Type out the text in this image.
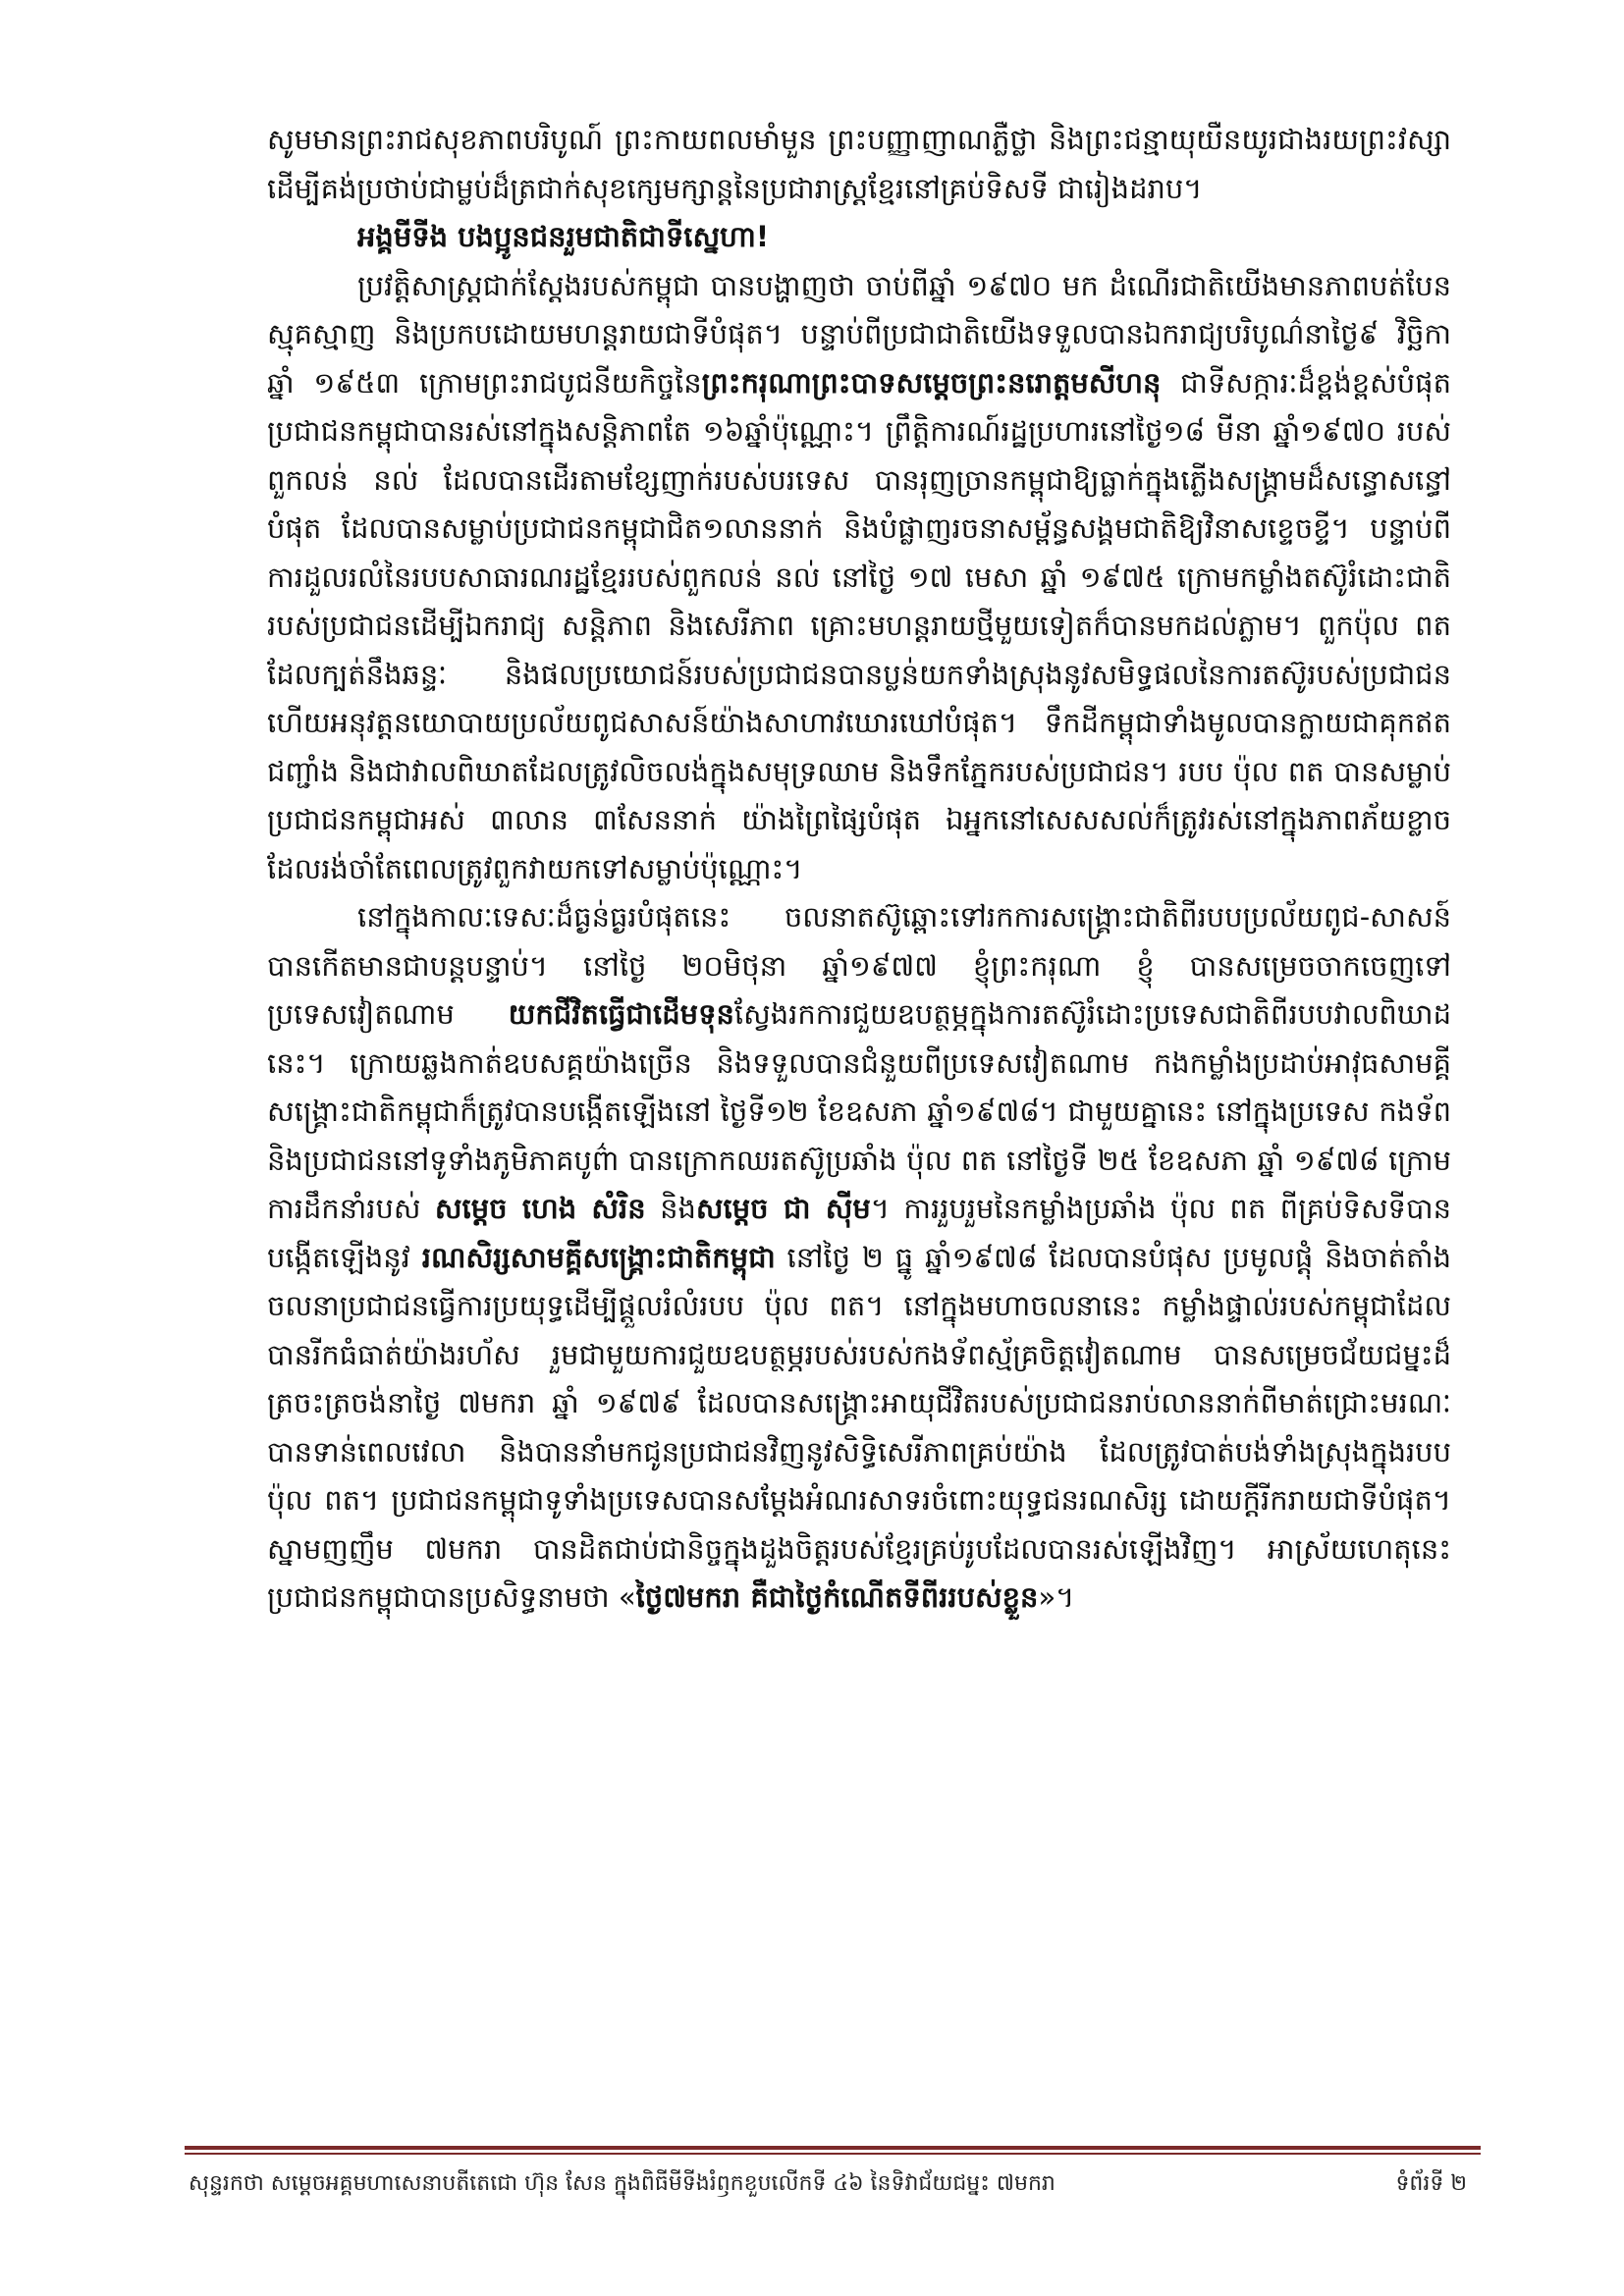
សូមមានព្រះរាជសុខភាពបរិបូណ៍ ព្រះកាយពលមាំមួន ព្រះបញ្ញាញាណភ្លឺថ្លា និងព្រះជន្មាយុយឺនយូរជាងរយព្រះវស្សា ដើម្បីគង់ប្រថាប់ជាម្លប់ដ៏ត្រជាក់សុខក្សេមក្សាន្តនៃប្រជារាស្ត្រខ្មែរនៅគ្រប់ទិសទី ជារៀងដរាប។

អង្គមីទីង បងប្អូនជនរួមជាតិជាទីស្នេហា!

ប្រវត្តិសាស្ត្រជាក់ស្តែងរបស់កម្ពុជា បានបង្ហាញថា ចាប់ពីឆ្នាំ ១៩៧០ មក ដំណើរជាតិយើងមានភាពបត់បែន ស្មុគស្មាញ និងប្រកបដោយមហន្តរាយជាទីបំផុត។ បន្ទាប់ពីប្រជាជាតិយើងទទួលបានឯករាជ្យបរិបូណ៌នាថ្ងៃ៩ វិច្ឆិកា ឆ្នាំ ១៩៥៣ ក្រោមព្រះរាជបូជនីយកិច្ចនៃព្រះករុណាព្រះបាទសម្តេចព្រះនរោត្តមសីហនុ ជាទីសក្ការៈដ៏ខ្ពង់ខ្ពស់បំផុត ប្រជាជនកម្ពុជាបានរស់នៅក្នុងសន្តិភាពតែ ១៦ឆ្នាំប៉ុណ្ណោះ។ ព្រឹត្តិការណ៍រដ្ឋប្រហារនៅថ្ងៃ១៨ មីនា ឆ្នាំ១៩៧០ របស់ពួកលន់ នល់ ដែលបានដើរតាមខ្សែញាក់របស់បរទេស បានរុញច្រានកម្ពុជាឱ្យធ្លាក់ក្នុងភ្លើងសង្គ្រាមដ៏សន្ធោសន្ធៅបំផុត ដែលបានសម្លាប់ប្រជាជនកម្ពុជាជិត១លាននាក់ និងបំផ្លាញរចនាសម្ព័ន្ធសង្គមជាតិឱ្យវិនាសខ្ទេចខ្ទី។ បន្ទាប់ពីការដួលរលំនៃរបបសាធារណរដ្ឋខ្មែររបស់ពួកលន់ នល់ នៅថ្ងៃ ១៧ មេសា ឆ្នាំ ១៩៧៥ ក្រោមកម្លាំងតស៊ូរំដោះជាតិរបស់ប្រជាជនដើម្បីឯករាជ្យ សន្តិភាព និងសេរីភាព គ្រោះមហន្តរាយថ្មីមួយទៀតក៏បានមកដល់ភ្លាម។ ពួកប៉ុល ពត ដែលក្បត់នឹងឆន្ទៈ និងផលប្រយោជន៍របស់ប្រជាជនបានប្លន់យកទាំងស្រុងនូវសមិទ្ធផលនៃការតស៊ូរបស់ប្រជាជន ហើយអនុវត្តនយោបាយប្រល័យពូជសាសន៍យ៉ាងសាហាវឃោរឃៅបំផុត។ ទឹកដីកម្ពុជាទាំងមូលបានក្លាយជាគុកឥតជញ្ជាំង និងជាវាលពិឃាតដែលត្រូវលិចលង់ក្នុងសមុទ្រឈាម និងទឹកភ្នែករបស់ប្រជាជន។ របប ប៉ុល ពត បានសម្លាប់ប្រជាជនកម្ពុជាអស់ ៣លាន ៣សែននាក់ យ៉ាងព្រៃផ្សៃបំផុត ឯអ្នកនៅសេសសល់ក៏ត្រូវរស់នៅក្នុងភាពភ័យខ្លាច ដែលរង់ចាំតែពេលត្រូវពួកវាយកទៅសម្លាប់ប៉ុណ្ណោះ។

នៅក្នុងកាលៈទេសៈដ៏ធ្ងន់ធ្ងរបំផុតនេះ ចលនាតស៊ូឆ្ពោះទៅរកការសង្គ្រោះជាតិពីរបបប្រល័យពូជ-សាសន៍បានកើតមានជាបន្តបន្ទាប់។ នៅថ្ងៃ ២០មិថុនា ឆ្នាំ១៩៧៧ ខ្ញុំព្រះករុណា ខ្ញុំ បានសម្រេចចាកចេញទៅប្រទេសវៀតណាម យកជីវិតធ្វើជាដើមទុនស្វែងរកការជួយឧបត្ថម្ភក្នុងការតស៊ូរំដោះប្រទេសជាតិពីរបបវាលពិឃាដនេះ។ ក្រោយឆ្លងកាត់ឧបសគ្គយ៉ាងច្រើន និងទទួលបានជំនួយពីប្រទេសវៀតណាម កងកម្លាំងប្រដាប់អាវុធសាមគ្គីសង្គ្រោះជាតិកម្ពុជាក៏ត្រូវបានបង្កើតឡើងនៅ ថ្ងៃទី១២ ខែឧសភា ឆ្នាំ១៩៧៨។ ជាមួយគ្នានេះ នៅក្នុងប្រទេស កងទ័ព និងប្រជាជននៅទូទាំងភូមិភាគបូព៌ា បានក្រោកឈរតស៊ូប្រឆាំង ប៉ុល ពត នៅថ្ងៃទី ២៥ ខែឧសភា ឆ្នាំ ១៩៧៨ ក្រោមការដឹកនាំរបស់ សម្តេច ហេង សំរិន និងសម្តេច ជា ស៊ីម។ ការរួបរួមនៃកម្លាំងប្រឆាំង ប៉ុល ពត ពីគ្រប់ទិសទីបានបង្កើតឡើងនូវ រណសិរ្សសាមគ្គីសង្គ្រោះជាតិកម្ពុជា នៅថ្ងៃ ២ ធ្នូ ឆ្នាំ១៩៧៨ ដែលបានបំផុស ប្រមូលផ្តុំ និងចាត់តាំងចលនាប្រជាជនធ្វើការប្រយុទ្ធដើម្បីផ្តួលរំលំរបប ប៉ុល ពត។ នៅក្នុងមហាចលនានេះ កម្លាំងផ្ទាល់របស់កម្ពុជាដែលបានរីកធំធាត់យ៉ាងរហ័ស រួមជាមួយការជួយឧបត្ថម្ភរបស់របស់កងទ័ពស្ម័គ្រចិត្តវៀតណាម បានសម្រេចជ័យជម្នះដ៏ត្រចះត្រចង់នាថ្ងៃ ៧មករា ឆ្នាំ ១៩៧៩ ដែលបានសង្គ្រោះអាយុជីវិតរបស់ប្រជាជនរាប់លាននាក់ពីមាត់ជ្រោះមរណៈបានទាន់ពេលវេលា និងបាននាំមកជូនប្រជាជនវិញនូវសិទ្ធិសេរីភាពគ្រប់យ៉ាង ដែលត្រូវបាត់បង់ទាំងស្រុងក្នុងរបប ប៉ុល ពត។ ប្រជាជនកម្ពុជាទូទាំងប្រទេសបានសម្តែងអំណរសាទរចំពោះយុទ្ធជនរណសិរ្ស ដោយក្តីរីករាយជាទីបំផុត។ ស្នាមញញឹម ៧មករា បានដិតជាប់ជានិច្ចក្នុងដួងចិត្តរបស់ខ្មែរគ្រប់រូបដែលបានរស់ឡើងវិញ។ អាស្រ័យហេតុនេះ ប្រជាជនកម្ពុជាបានប្រសិទ្ធនាមថា «ថ្ងៃ៧មករា គឺជាថ្ងៃកំណើតទីពីររបស់ខ្លួន»។

សុន្ទរកថា សម្តេចអគ្គមហាសេនាបតីតេជោ ហ៊ុន សែន ក្នុងពិធីមីទីងរំឭកខួបលើកទី ៤៦ នៃទិវាជ័យជម្នះ ៧មករា	ទំព័រទី ២
